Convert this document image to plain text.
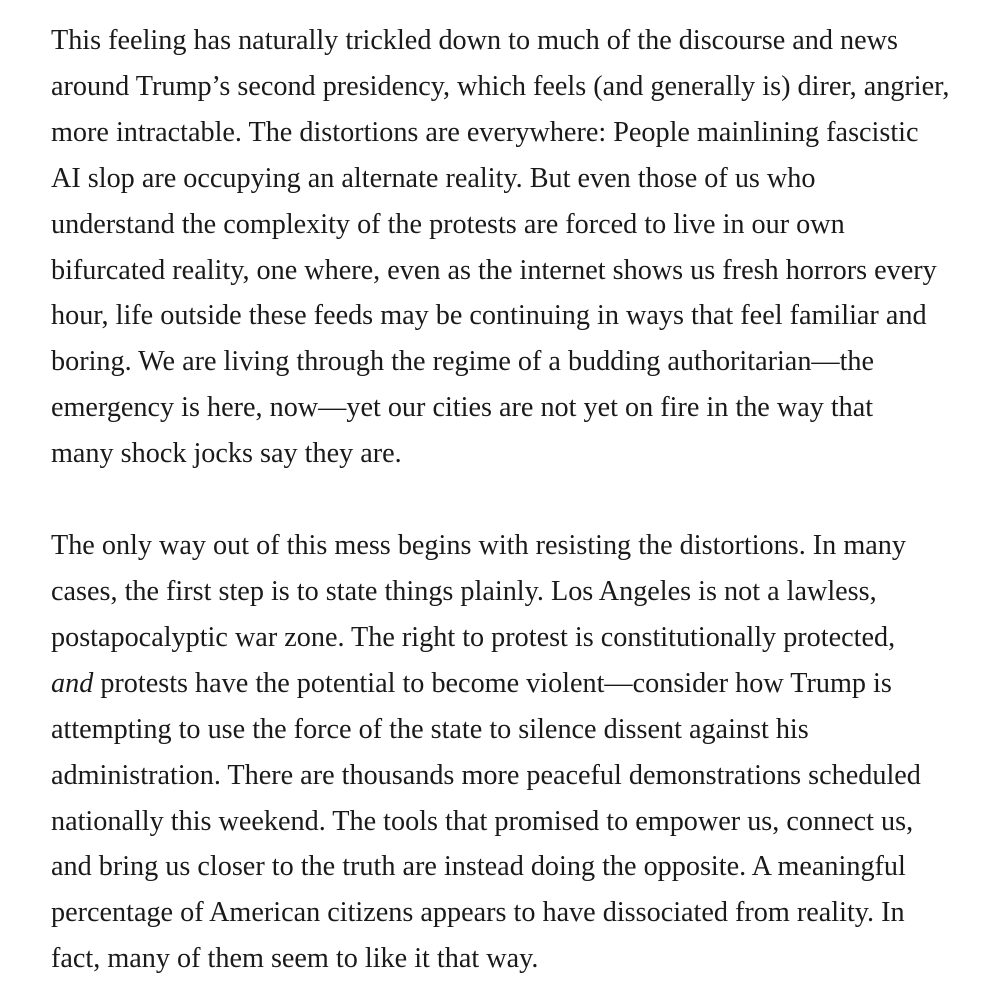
This feeling has naturally trickled down to much of the discourse and news
around Trump’s second presidency, which feels (and generally is) direr, angrier,
more intractable. The distortions are everywhere: People mainlining fascistic
AI slop are occupying an alternate reality. But even those of us who
understand the complexity of the protests are forced to live in our own
bifurcated reality, one where, even as the internet shows us fresh horrors every
hour, life outside these feeds may be continuing in ways that feel familiar and
boring. We are living through the regime of a budding authoritarian—the
emergency is here, now—yet our cities are not yet on fire in the way that
many shock jocks say they are.

The only way out of this mess begins with resisting the distortions. In many
cases, the first step is to state things plainly. Los Angeles is not a lawless,
postapocalyptic war zone. The right to protest is constitutionally protected,
and protests have the potential to become violent—consider how Trump is
attempting to use the force of the state to silence dissent against his
administration. There are thousands more peaceful demonstrations scheduled
nationally this weekend. The tools that promised to empower us, connect us,
and bring us closer to the truth are instead doing the opposite. A meaningful
percentage of American citizens appears to have dissociated from reality. In
fact, many of them seem to like it that way.
